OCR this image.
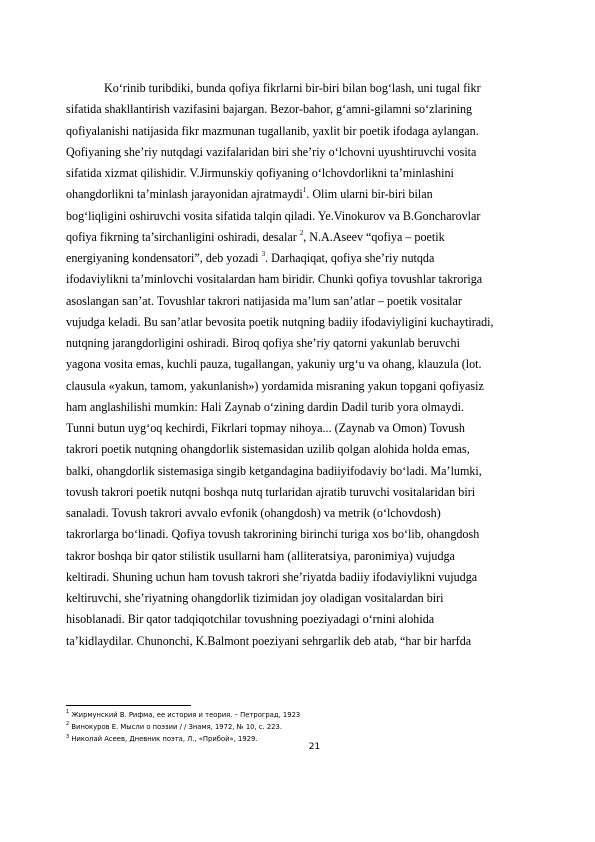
Ko‘rinib turibdiki, bunda qofiya fikrlarni bir-biri bilan bog‘lash, uni tugal fikr
sifatida shakllantirish vazifasini bajargan. Bezor-bahor, g‘amni-gilamni so‘zlarining
qofiyalanishi natijasida fikr mazmunan tugallanib, yaxlit bir poetik ifodaga aylangan.
Qofiyaning she’riy nutqdagi vazifalaridan biri she’riy o‘lchovni uyushtiruvchi vosita
sifatida xizmat qilishidir. V.Jirmunskiy qofiyaning o‘lchovdorlikni ta’minlashini
ohangdorlikni ta’minlash jarayonidan ajratmaydi$^1$. Olim ularni bir-biri bilan
bog‘liqligini oshiruvchi vosita sifatida talqin qiladi. Ye.Vinokurov va B.Goncharovlar
qofiya fikrning ta’sirchanligini oshiradi, desalar $^2$, N.A.Aseev “qofiya – poetik
energiyaning kondensatori”, deb yozadi $^3$. Darhaqiqat, qofiya she’riy nutqda
ifodaviylikni ta’minlovchi vositalardan ham biridir. Chunki qofiya tovushlar takroriga
asoslangan san’at. Tovushlar takrori natijasida ma’lum san’atlar – poetik vositalar
vujudga keladi. Bu san’atlar bevosita poetik nutqning badiiy ifodaviyligini kuchaytiradi,
nutqning jarangdorligini oshiradi. Biroq qofiya she’riy qatorni yakunlab beruvchi
yagona vosita emas, kuchli pauza, tugallangan, yakuniy urg‘u va ohang, klauzula (lot.
clausula «yakun, tamom, yakunlanish») yordamida misraning yakun topgani qofiyasiz
ham anglashilishi mumkin: Hali Zaynab o‘zining dardin Dadil turib yora olmaydi.
Tunni butun uyg‘oq kechirdi, Fikrlari topmay nihoya... (Zaynab va Omon) Tovush
takrori poetik nutqning ohangdorlik sistemasidan uzilib qolgan alohida holda emas,
balki, ohangdorlik sistemasiga singib ketgandagina badiiyifodaviy bo‘ladi. Ma’lumki,
tovush takrori poetik nutqni boshqa nutq turlaridan ajratib turuvchi vositalaridan biri
sanaladi. Tovush takrori avvalo evfonik (ohangdosh) va metrik (o‘lchovdosh)
takrorlarga bo‘linadi. Qofiya tovush takrorining birinchi turiga xos bo‘lib, ohangdosh
takror boshqa bir qator stilistik usullarni ham (alliteratsiya, paronimiya) vujudga
keltiradi. Shuning uchun ham tovush takrori she’riyatda badiiy ifodaviylikni vujudga
keltiruvchi, she’riyatning ohangdorlik tizimidan joy oladigan vositalardan biri
hisoblanadi. Bir qator tadqiqotchilar tovushning poeziyadagi o‘rnini alohida
ta’kidlaydilar. Chunonchi, K.Balmont poeziyani sehrgarlik deb atab, “har bir harfda
$^1$ Жирмунский В. Рифма, ее история и теория. – Петроград, 1923
$^2$ Винокуров Е. Мысли о поэзии / / Знамя, 1972, № 10, с. 223.
$^3$ Николай Асеев, Дневник поэта, Л., «Прибой», 1929.
21
